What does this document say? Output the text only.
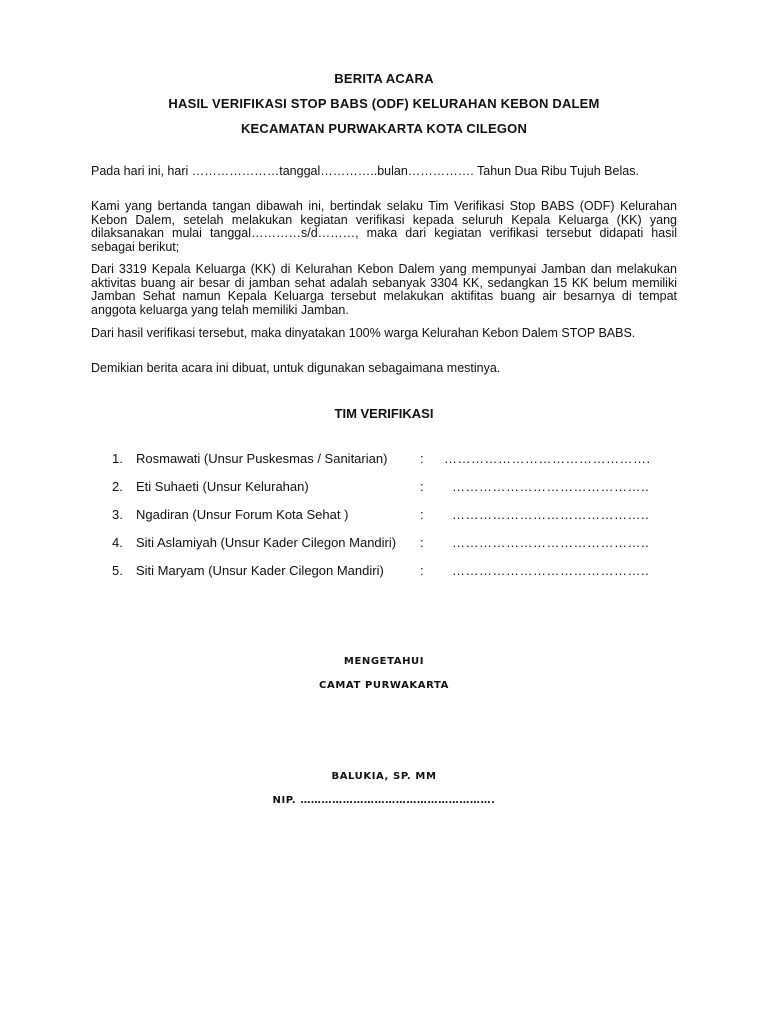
BERITA ACARA
HASIL VERIFIKASI STOP BABS (ODF) KELURAHAN KEBON DALEM
KECAMATAN PURWAKARTA KOTA CILEGON
Pada hari ini, hari …………………tanggal…………..bulan……………. Tahun Dua Ribu Tujuh Belas.
Kami yang bertanda tangan dibawah ini, bertindak selaku Tim Verifikasi Stop BABS (ODF) Kelurahan Kebon Dalem, setelah melakukan kegiatan verifikasi kepada seluruh Kepala Keluarga (KK) yang dilaksanakan mulai tanggal…………s/d………, maka dari kegiatan verifikasi tersebut didapati hasil sebagai berikut;
Dari 3319 Kepala Keluarga (KK) di Kelurahan Kebon Dalem yang mempunyai Jamban dan melakukan aktivitas buang air besar di jamban sehat adalah sebanyak 3304 KK, sedangkan 15 KK belum memiliki Jamban Sehat namun Kepala Keluarga tersebut melakukan aktifitas buang air besarnya di tempat anggota keluarga yang telah memiliki Jamban.
Dari hasil verifikasi tersebut, maka dinyatakan 100% warga Kelurahan Kebon Dalem STOP BABS.
Demikian berita acara ini dibuat, untuk digunakan sebagaimana mestinya.
TIM VERIFIKASI
1. Rosmawati (Unsur Puskesmas / Sanitarian)	: ……………………………………….
2. Eti Suhaeti (Unsur Kelurahan)	: ……………………………………..
3. Ngadiran (Unsur Forum Kota Sehat )	: ……………………………………..
4. Siti Aslamiyah (Unsur Kader Cilegon Mandiri) : ……………………………………..
5. Siti Maryam (Unsur Kader Cilegon Mandiri)	: ……………………………………..
MENGETAHUI
CAMAT PURWAKARTA
BALUKIA, SP. MM
NIP. ……………………………………………….
